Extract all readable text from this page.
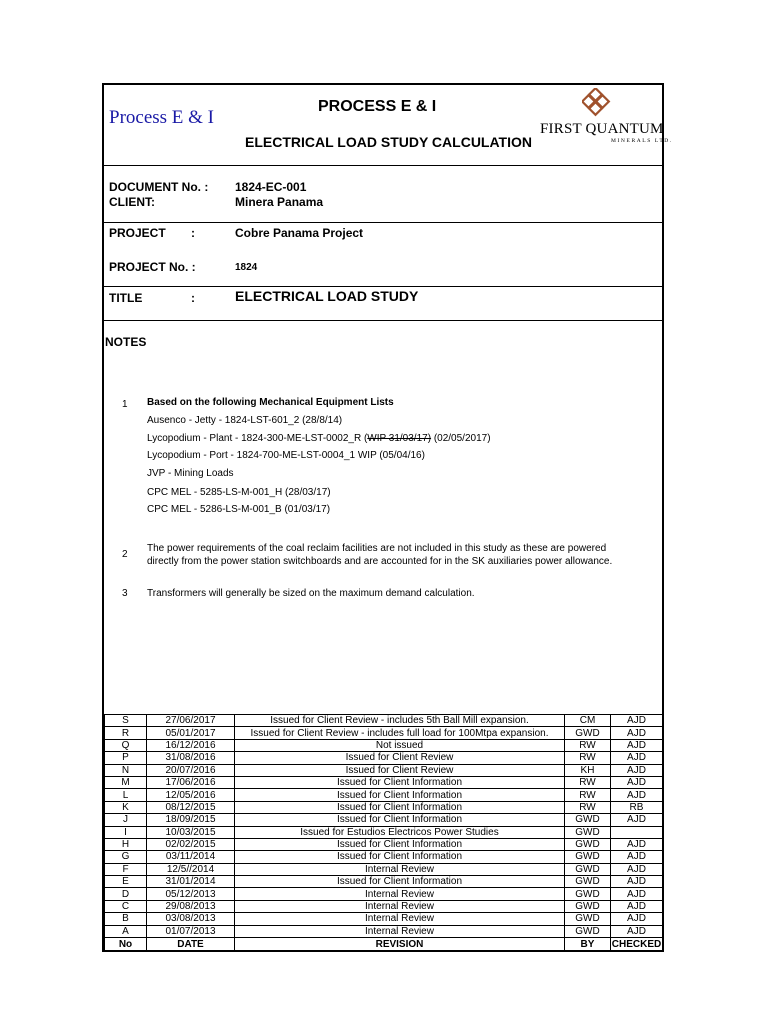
Process E & I
PROCESS E & I
ELECTRICAL LOAD STUDY CALCULATION
FIRST QUANTUM
MINERALS LTD.
DOCUMENT No. : 1824-EC-001
CLIENT:	Minera Panama
PROJECT :	Cobre Panama Project
PROJECT No. :	1824
TITLE	:	ELECTRICAL LOAD STUDY
NOTES
1 Based on the following Mechanical Equipment Lists
Ausenco - Jetty - 1824-LST-601_2 (28/8/14)
Lycopodium - Plant - 1824-300-ME-LST-0002_R (WIP 31/03/17) (02/05/2017)
Lycopodium - Port - 1824-700-ME-LST-0004_1 WIP (05/04/16)
JVP - Mining Loads
CPC MEL - 5285-LS-M-001_H (28/03/17)
CPC MEL - 5286-LS-M-001_B (01/03/17)
2
The power requirements of the coal reclaim facilities are not included in this study as these are powered
directly from the power station switchboards and are accounted for in the SK auxiliaries power allowance.
3 Transformers will generally be sized on the maximum demand calculation.
S	27/06/2017	Issued for Client Review - includes 5th Ball Mill expansion.	CM	AJD
R	05/01/2017	Issued for Client Review - includes full load for 100Mtpa expansion.	GWD	AJD
Q	16/12/2016	Not issued	RW	AJD
P	31/08/2016	Issued for Client Review	RW	AJD
N	20/07/2016	Issued for Client Review	KH	AJD
M	17/06/2016	Issued for Client Information	RW	AJD
L	12/05/2016	Issued for Client Information	RW	AJD
K	08/12/2015	Issued for Client Information	RW	RB
J	18/09/2015	Issued for Client Information	GWD	AJD
I	10/03/2015	Issued for Estudios Electricos Power Studies	GWD	
H	02/02/2015	Issued for Client Information	GWD	AJD
G	03/11/2014	Issued for Client Information	GWD	AJD
F	12/5//2014	Internal Review	GWD	AJD
E	31/01/2014	Issued for Client Information	GWD	AJD
D	05/12/2013	Internal Review	GWD	AJD
C	29/08/2013	Internal Review	GWD	AJD
B	03/08/2013	Internal Review	GWD	AJD
A	01/07/2013	Internal Review	GWD	AJD
No	DATE	REVISION	BY	CHECKED
